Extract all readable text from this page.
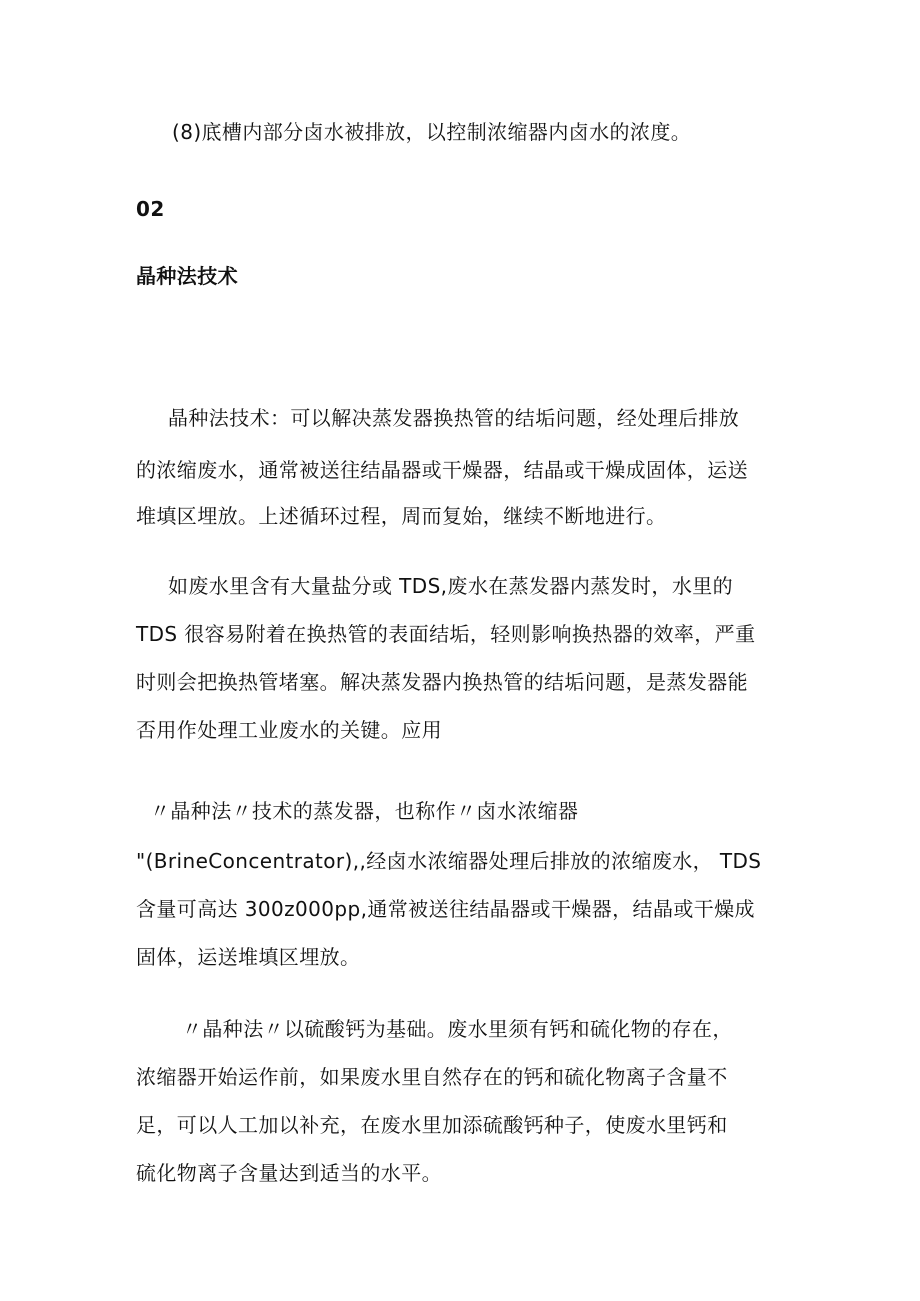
(8)底槽内部分卤水被排放，以控制浓缩器内卤水的浓度。
02
晶种法技术
晶种法技术：可以解决蒸发器换热管的结垢问题，经处理后排放
的浓缩废水，通常被送往结晶器或干燥器，结晶或干燥成固体，运送
堆填区埋放。上述循环过程，周而复始，继续不断地进行。
如废水里含有大量盐分或 TDS,废水在蒸发器内蒸发时，水里的
TDS 很容易附着在换热管的表面结垢，轻则影响换热器的效率，严重
时则会把换热管堵塞。解决蒸发器内换热管的结垢问题，是蒸发器能
否用作处理工业废水的关键。应用
〃晶种法〃技术的蒸发器，也称作〃卤水浓缩器
"(BrineConcentrator),,经卤水浓缩器处理后排放的浓缩废水， TDS
含量可高达 300z000pp,通常被送往结晶器或干燥器，结晶或干燥成
固体，运送堆填区埋放。
〃晶种法〃以硫酸钙为基础。废水里须有钙和硫化物的存在，
浓缩器开始运作前，如果废水里自然存在的钙和硫化物离子含量不
足，可以人工加以补充，在废水里加添硫酸钙种子，使废水里钙和
硫化物离子含量达到适当的水平。
